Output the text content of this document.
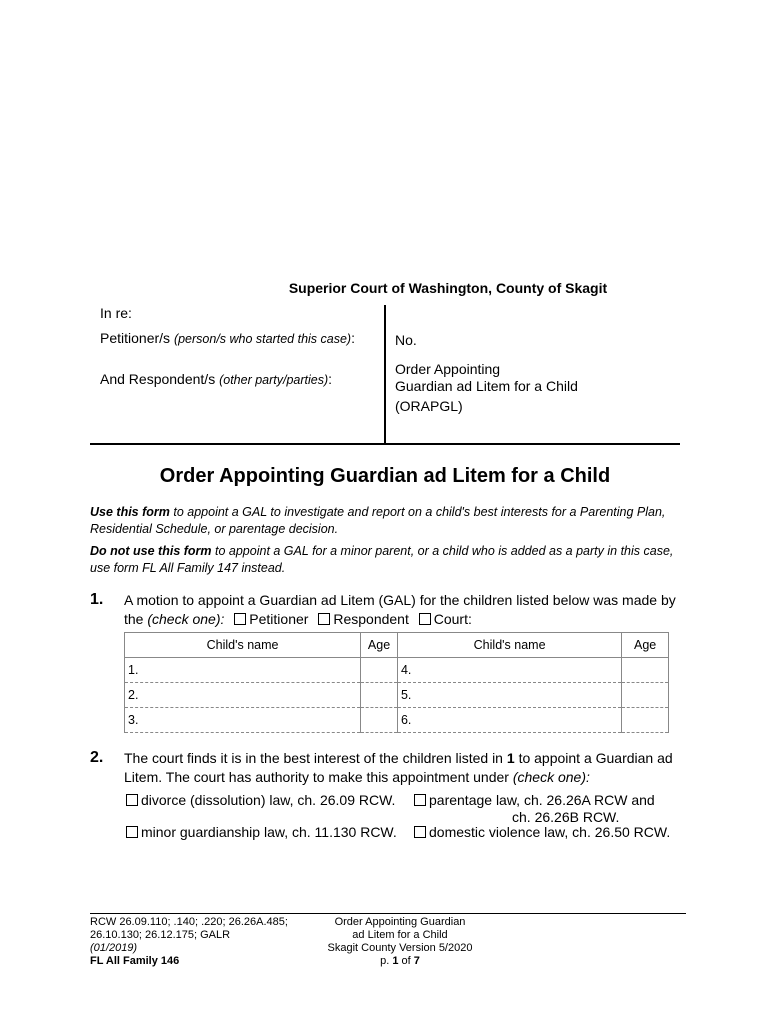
Superior Court of Washington, County of Skagit
In re:
Petitioner/s (person/s who started this case):
And Respondent/s (other party/parties):
No.
Order Appointing
Guardian ad Litem for a Child
(ORAPGL)
Order Appointing Guardian ad Litem for a Child
Use this form to appoint a GAL to investigate and report on a child's best interests for a Parenting Plan, Residential Schedule, or parentage decision.
Do not use this form to appoint a GAL for a minor parent, or a child who is added as a party in this case, use form FL All Family 147 instead.
1. A motion to appoint a Guardian ad Litem (GAL) for the children listed below was made by
the (check one): Petitioner Respondent Court:
Child's name	Age	Child's name	Age
1.		4.	
2.		5.	
3.		6.	
2. The court finds it is in the best interest of the children listed in 1 to appoint a Guardian ad
Litem. The court has authority to make this appointment under (check one):
divorce (dissolution) law, ch. 26.09 RCW.	parentage law, ch. 26.26A RCW and
ch. 26.26B RCW.
minor guardianship law, ch. 11.130 RCW.	domestic violence law, ch. 26.50 RCW.
RCW 26.09.110; .140; .220; 26.26A.485;
26.10.130; 26.12.175; GALR
(01/2019)
FL All Family 146
Order Appointing Guardian
ad Litem for a Child
Skagit County Version 5/2020
p. 1 of 7
